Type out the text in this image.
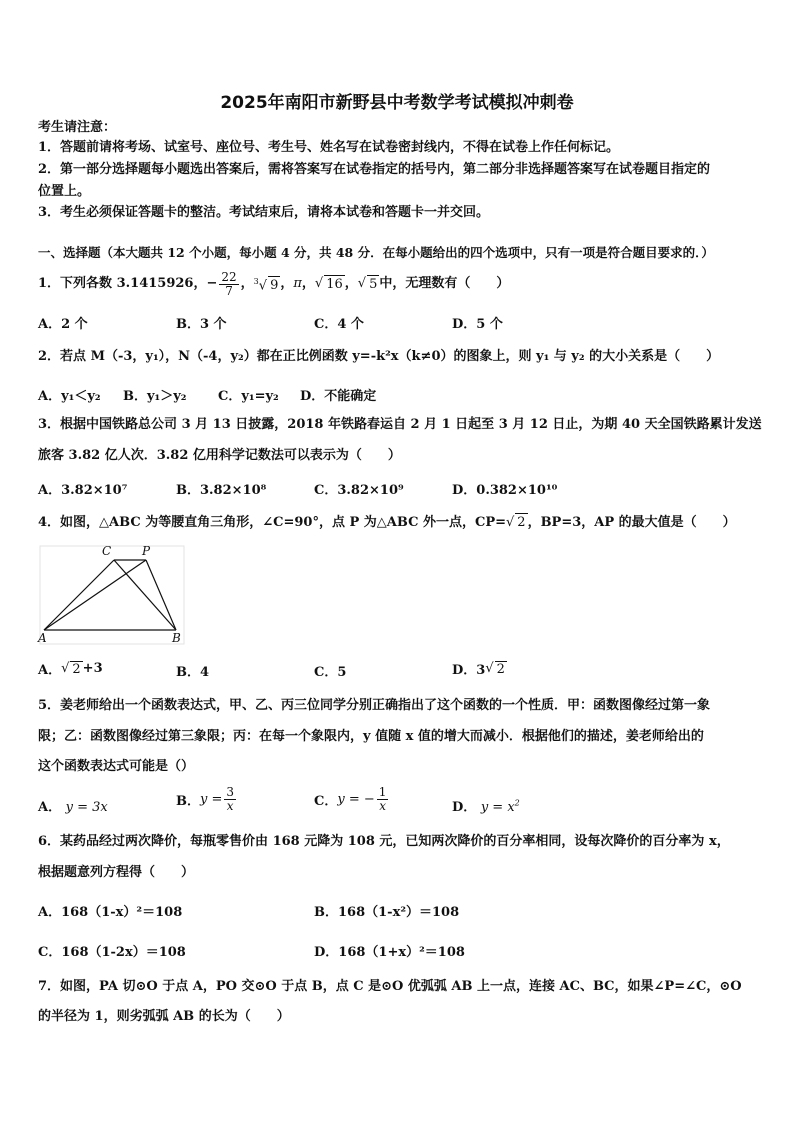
2025年南阳市新野县中考数学考试模拟冲刺卷
考生请注意：
1．答题前请将考场、试室号、座位号、考生号、姓名写在试卷密封线内，不得在试卷上作任何标记。
2．第一部分选择题每小题选出答案后，需将答案写在试卷指定的括号内，第二部分非选择题答案写在试卷题目指定的
位置上。
3．考生必须保证答题卡的整洁。考试结束后，请将本试卷和答题卡一并交回。
一、选择题（本大题共 12 个小题，每小题 4 分，共 48 分．在每小题给出的四个选项中，只有一项是符合题目要求的．）
1．下列各数 3.1415926， − $\frac{22}{7}$ ， $^3$√ 9 ， π ， √ 16 ， √ 5 中，无理数有（　　）
A．2 个	B．3 个	C．4 个	D．5 个
2．若点 M（-3，y₁），N（-4，y₂）都在正比例函数 y=-k²x（k≠0）的图象上，则 y₁ 与 y₂ 的大小关系是（　　）
A．y₁＜y₂ B．y₁＞y₂ C．y₁=y₂ D．不能确定
3．根据中国铁路总公司 3 月 13 日披露，2018 年铁路春运自 2 月 1 日起至 3 月 12 日止，为期 40 天全国铁路累计发送
旅客 3.82 亿人次．3.82 亿用科学记数法可以表示为（　　）
A．3.82×10⁷	B．3.82×10⁸	C．3.82×10⁹	D．0.382×10¹⁰
4．如图，△ABC 为等腰直角三角形，∠C=90°，点 P 为△ABC 外一点，CP= √ 2 ，BP=3，AP 的最大值是（　　）
C	P
A	B
A． √ 2 +3	B．4	C．5	D．3 √ 2
5．姜老师给出一个函数表达式，甲、乙、丙三位同学分别正确指出了这个函数的一个性质．甲：函数图像经过第一象
限；乙：函数图像经过第三象限；丙：在每一个象限内，y 值随 x 值的增大而减小．根据他们的描述，姜老师给出的
这个函数表达式可能是（）
A． y = 3x	B． $y = \frac{3}{x}$	C． y = − $\frac{1}{x}$	D． $y = x^2$
6．某药品经过两次降价，每瓶零售价由 168 元降为 108 元，已知两次降价的百分率相同，设每次降价的百分率为 x，
根据题意列方程得（　　）
A．168（1-x）²＝108	B．168（1-x²）＝108
C．168（1-2x）＝108	D．168（1+x）²＝108
7．如图，PA 切⊙O 于点 A，PO 交⊙O 于点 B，点 C 是⊙O 优弧弧 AB 上一点，连接 AC、BC，如果∠P=∠C，⊙O
的半径为 1，则劣弧弧 AB 的长为（　　）
